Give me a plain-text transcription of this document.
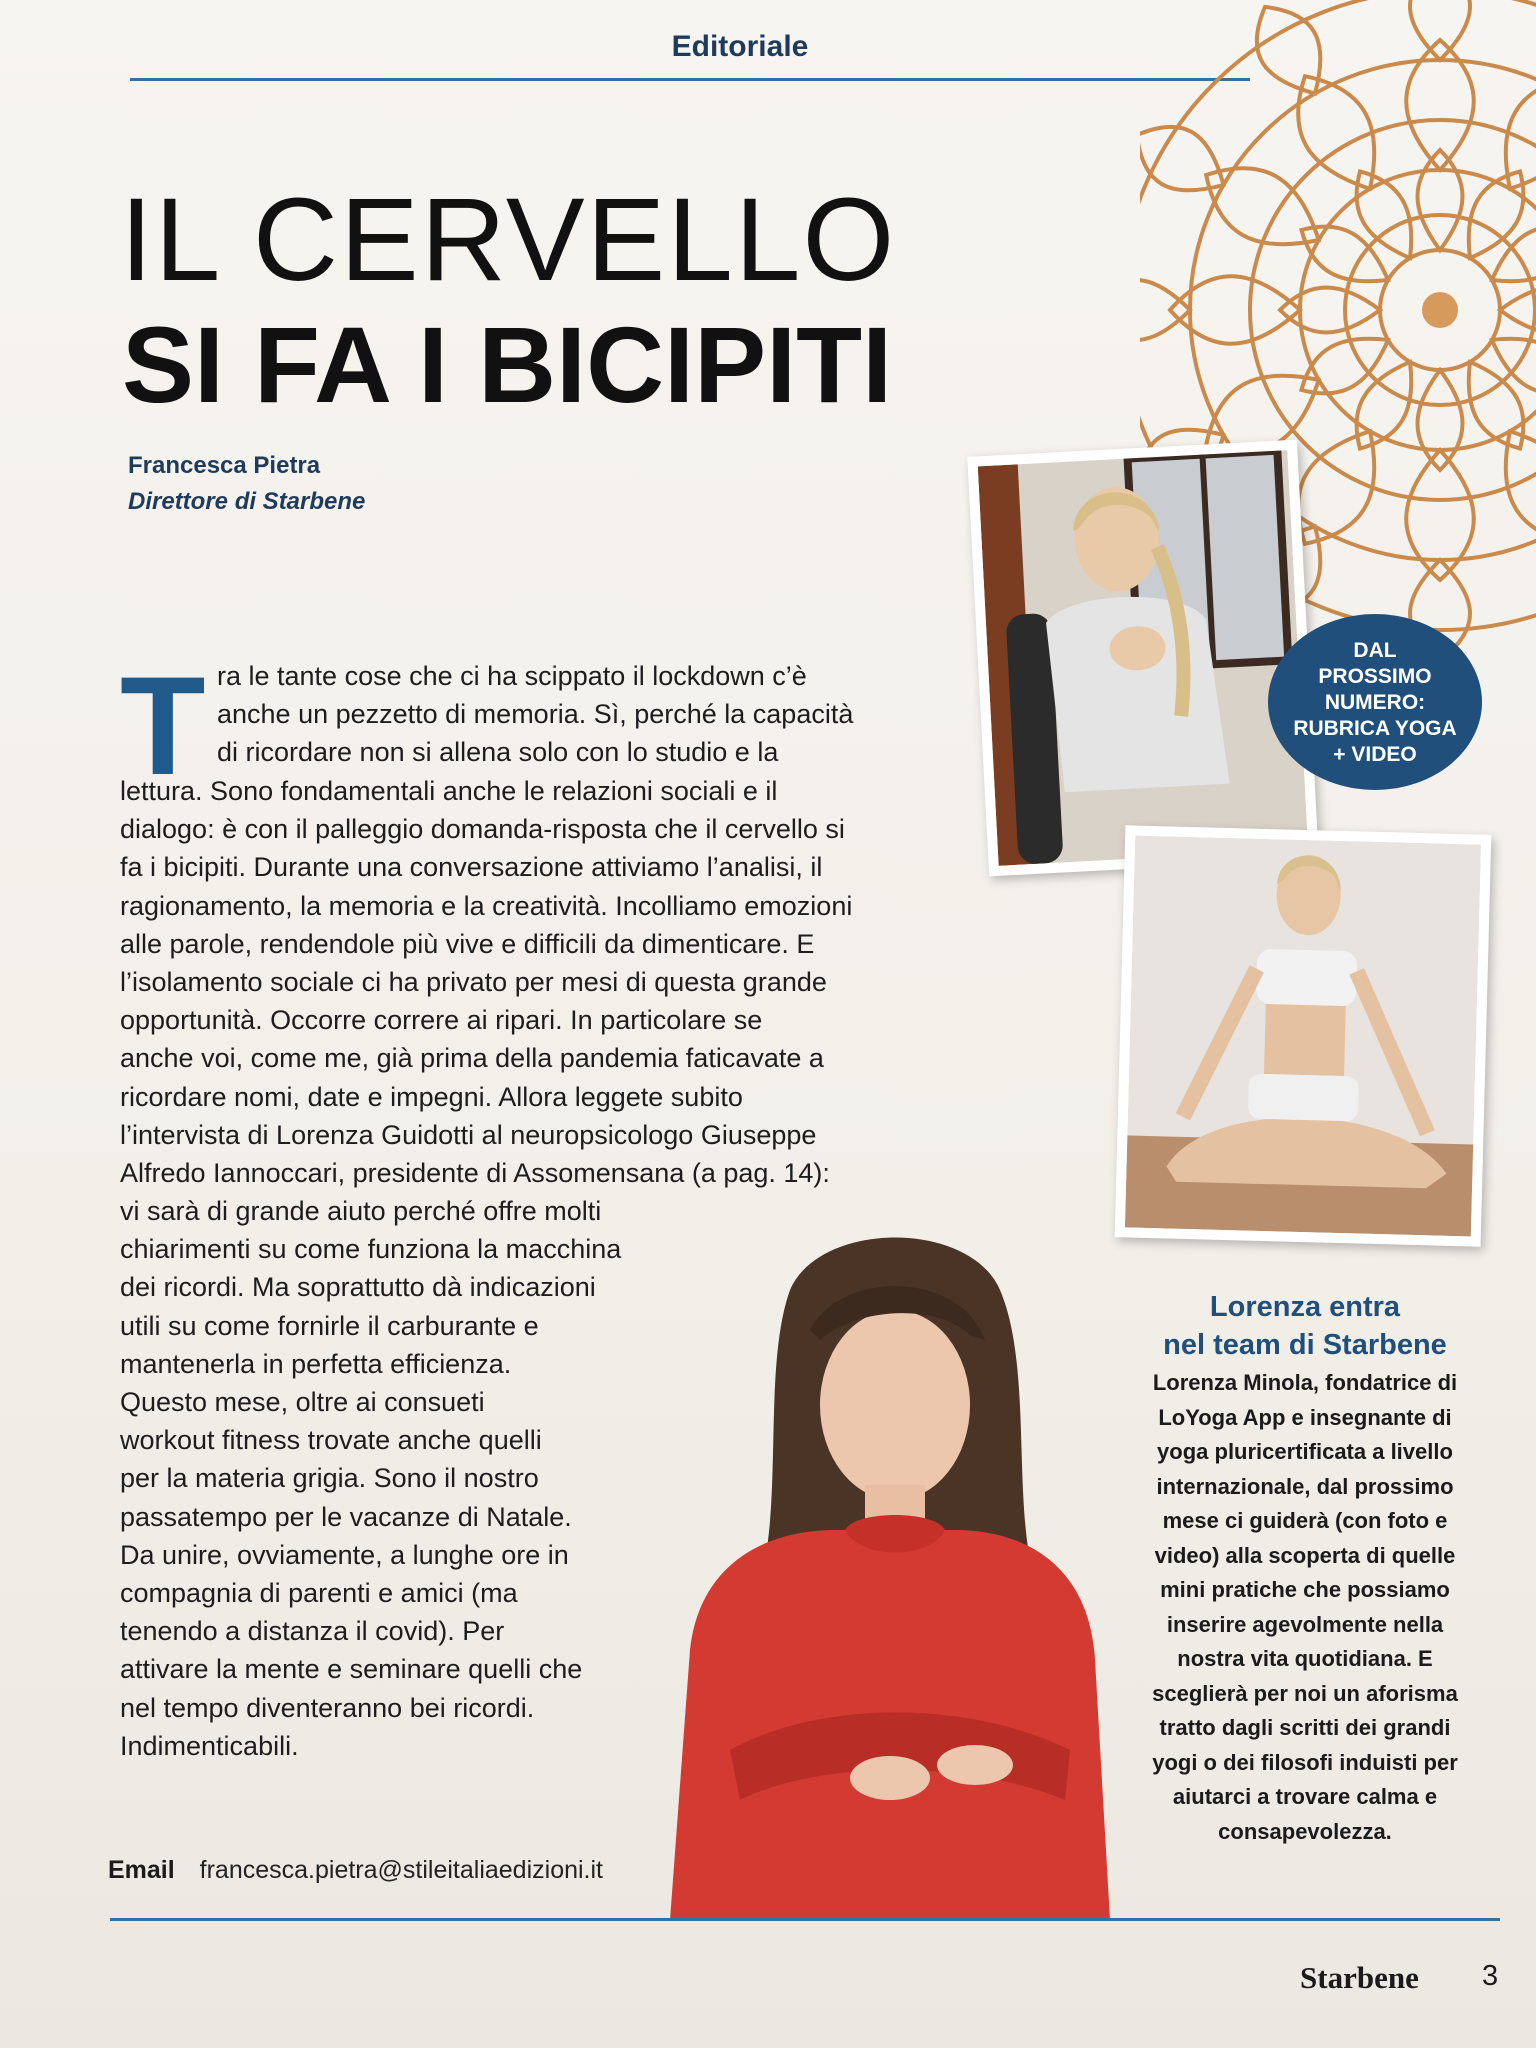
Editoriale
IL CERVELLO
SI FA I BICIPITI
Francesca Pietra
Direttore di Starbene
T ra le tante cose che ci ha scippato il lockdown c’è
anche un pezzetto di memoria. Sì, perché la capacità
di ricordare non si allena solo con lo studio e la
lettura. Sono fondamentali anche le relazioni sociali e il
dialogo: è con il palleggio domanda-risposta che il cervello si
fa i bicipiti. Durante una conversazione attiviamo l’analisi, il
ragionamento, la memoria e la creatività. Incolliamo emozioni
alle parole, rendendole più vive e difficili da dimenticare. E
l’isolamento sociale ci ha privato per mesi di questa grande
opportunità. Occorre correre ai ripari. In particolare se
anche voi, come me, già prima della pandemia faticavate a
ricordare nomi, date e impegni. Allora leggete subito
l’intervista di Lorenza Guidotti al neuropsicologo Giuseppe
Alfredo Iannoccari, presidente di Assomensana (a pag. 14):
vi sarà di grande aiuto perché offre molti
chiarimenti su come funziona la macchina
dei ricordi. Ma soprattutto dà indicazioni
utili su come fornirle il carburante e
mantenerla in perfetta efficienza.
Questo mese, oltre ai consueti
workout fitness trovate anche quelli
per la materia grigia. Sono il nostro
passatempo per le vacanze di Natale.
Da unire, ovviamente, a lunghe ore in
compagnia di parenti e amici (ma
tenendo a distanza il covid). Per
attivare la mente e seminare quelli che
nel tempo diventeranno bei ricordi.
Indimenticabili.
DAL
PROSSIMO
NUMERO:
RUBRICA YOGA
+ VIDEO
Lorenza entra
nel team di Starbene
Lorenza Minola, fondatrice di
LoYoga App e insegnante di
yoga pluricertificata a livello
internazionale, dal prossimo
mese ci guiderà (con foto e
video) alla scoperta di quelle
mini pratiche che possiamo
inserire agevolmente nella
nostra vita quotidiana. E
sceglierà per noi un aforisma
tratto dagli scritti dei grandi
yogi o dei filosofi induisti per
aiutarci a trovare calma e
consapevolezza.
Email francesca.pietra@stileitaliaedizioni.it
Starbene 3
